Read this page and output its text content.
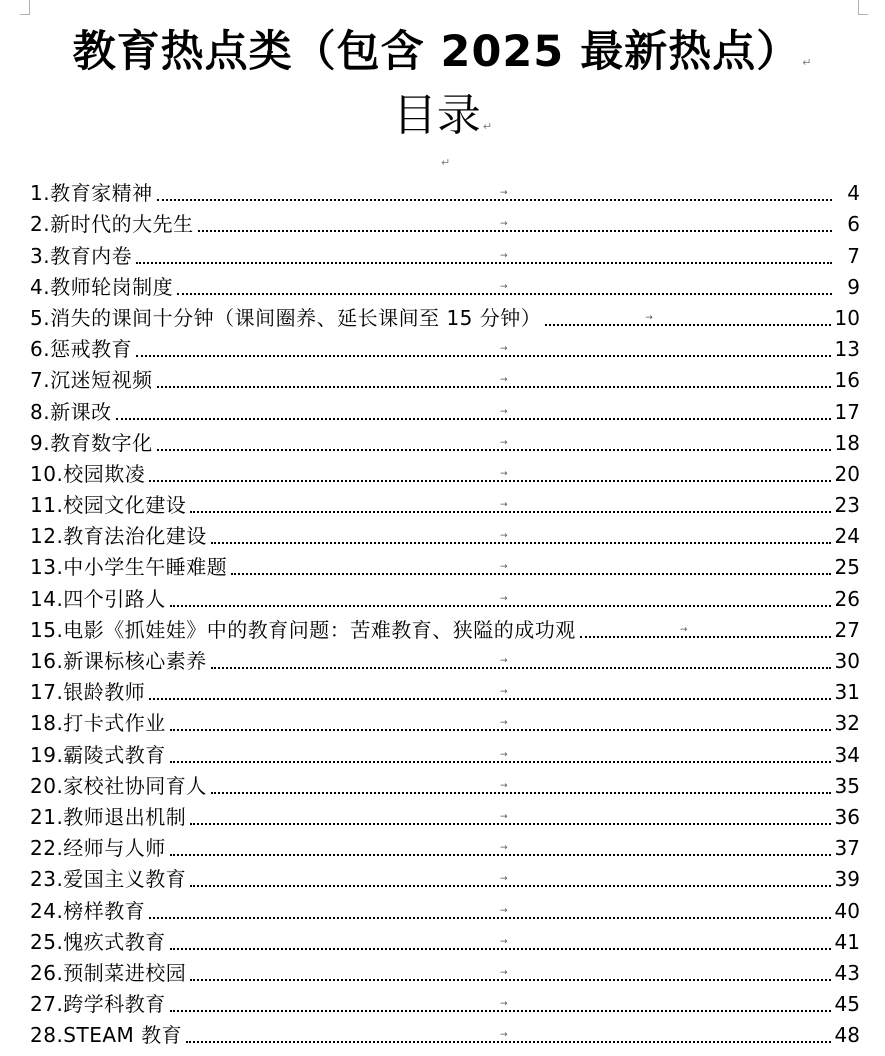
教育热点类（包含 2025 最新热点） ↵
目录 ↵
↵
1.教育家精神	→	4
2.新时代的大先生	→	6
3.教育内卷	→	7
4.教师轮岗制度	→	9
5.消失的课间十分钟（课间圈养、延长课间至 15 分钟）	→	10
6.惩戒教育	→	13
7.沉迷短视频	→	16
8.新课改	→	17
9.教育数字化	→	18
10.校园欺凌	→	20
11.校园文化建设	→	23
12.教育法治化建设	→	24
13.中小学生午睡难题	→	25
14.四个引路人	→	26
15.电影《抓娃娃》中的教育问题：苦难教育、狭隘的成功观	→	27
16.新课标核心素养	→	30
17.银龄教师	→	31
18.打卡式作业	→	32
19.霸陵式教育	→	34
20.家校社协同育人	→	35
21.教师退出机制	→	36
22.经师与人师	→	37
23.爱国主义教育	→	39
24.榜样教育	→	40
25.愧疚式教育	→	41
26.预制菜进校园	→	43
27.跨学科教育	→	45
28.STEAM 教育	→	48
